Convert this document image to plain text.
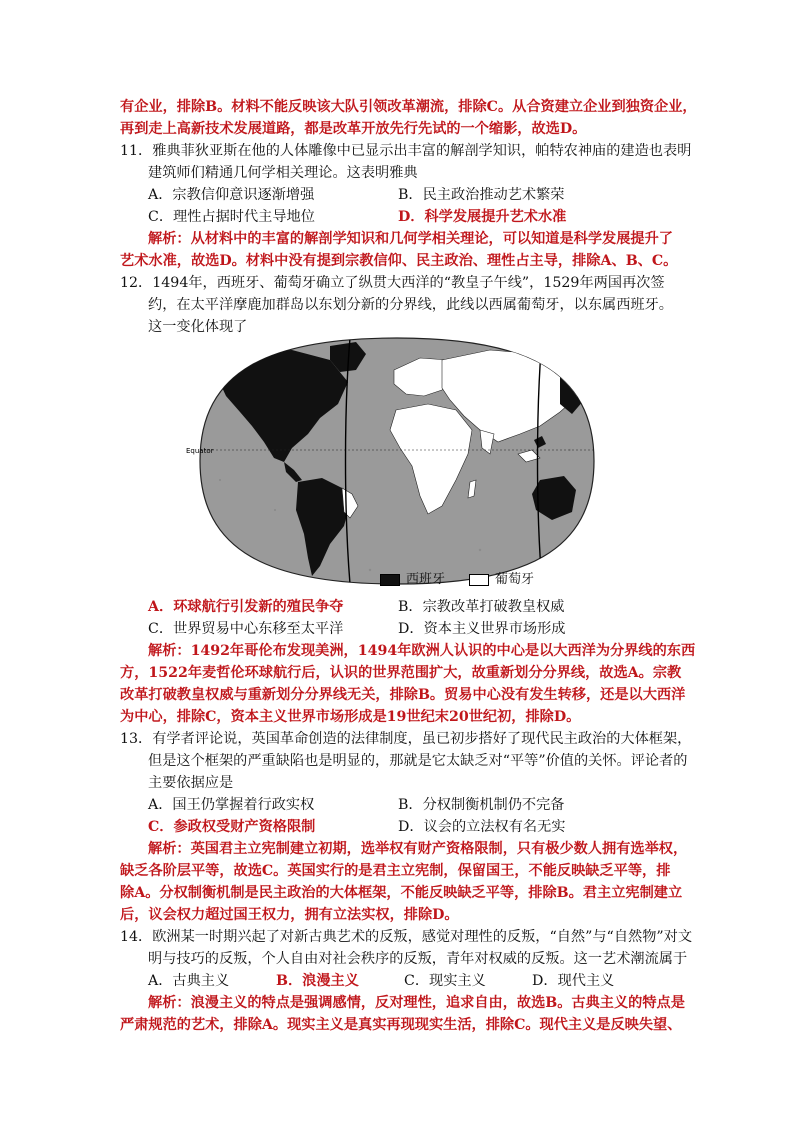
有企业，排除B。材料不能反映该大队引领改革潮流，排除C。从合资建立企业到独资企业，
再到走上高新技术发展道路，都是改革开放先行先试的一个缩影，故选D。
11．雅典菲狄亚斯在他的人体雕像中已显示出丰富的解剖学知识，帕特农神庙的建造也表明
建筑师们精通几何学相关理论。这表明雅典
A．宗教信仰意识逐渐增强	B．民主政治推动艺术繁荣
C．理性占据时代主导地位	D．科学发展提升艺术水准
解析：从材料中的丰富的解剖学知识和几何学相关理论，可以知道是科学发展提升了
艺术水准，故选D。材料中没有提到宗教信仰、民主政治、理性占主导，排除A、B、C。
12．1494年，西班牙、葡萄牙确立了纵贯大西洋的“教皇子午线”，1529年两国再次签
约，在太平洋摩鹿加群岛以东划分新的分界线，此线以西属葡萄牙，以东属西班牙。
这一变化体现了
Equator
西班牙	葡萄牙
A．环球航行引发新的殖民争夺	B．宗教改革打破教皇权威
C．世界贸易中心东移至太平洋	D．资本主义世界市场形成
解析：1492年哥伦布发现美洲，1494年欧洲人认识的中心是以大西洋为分界线的东西
方，1522年麦哲伦环球航行后，认识的世界范围扩大，故重新划分分界线，故选A。宗教
改革打破教皇权威与重新划分分界线无关，排除B。贸易中心没有发生转移，还是以大西洋
为中心，排除C，资本主义世界市场形成是19世纪末20世纪初，排除D。
13．有学者评论说，英国革命创造的法律制度，虽已初步搭好了现代民主政治的大体框架，
但是这个框架的严重缺陷也是明显的，那就是它太缺乏对“平等”价值的关怀。评论者的
主要依据应是
A．国王仍掌握着行政实权	B．分权制衡机制仍不完备
C．参政权受财产资格限制	D．议会的立法权有名无实
解析：英国君主立宪制建立初期，选举权有财产资格限制，只有极少数人拥有选举权，
缺乏各阶层平等，故选C。英国实行的是君主立宪制，保留国王，不能反映缺乏平等，排
除A。分权制衡机制是民主政治的大体框架，不能反映缺乏平等，排除B。君主立宪制建立
后，议会权力超过国王权力，拥有立法实权，排除D。
14．欧洲某一时期兴起了对新古典艺术的反叛，感觉对理性的反叛，“自然”与“自然物”对文
明与技巧的反叛，个人自由对社会秩序的反叛，青年对权威的反叛。这一艺术潮流属于
A．古典主义	B．浪漫主义	C．现实主义	D．现代主义
解析：浪漫主义的特点是强调感情，反对理性，追求自由，故选B。古典主义的特点是
严肃规范的艺术，排除A。现实主义是真实再现现实生活，排除C。现代主义是反映失望、
